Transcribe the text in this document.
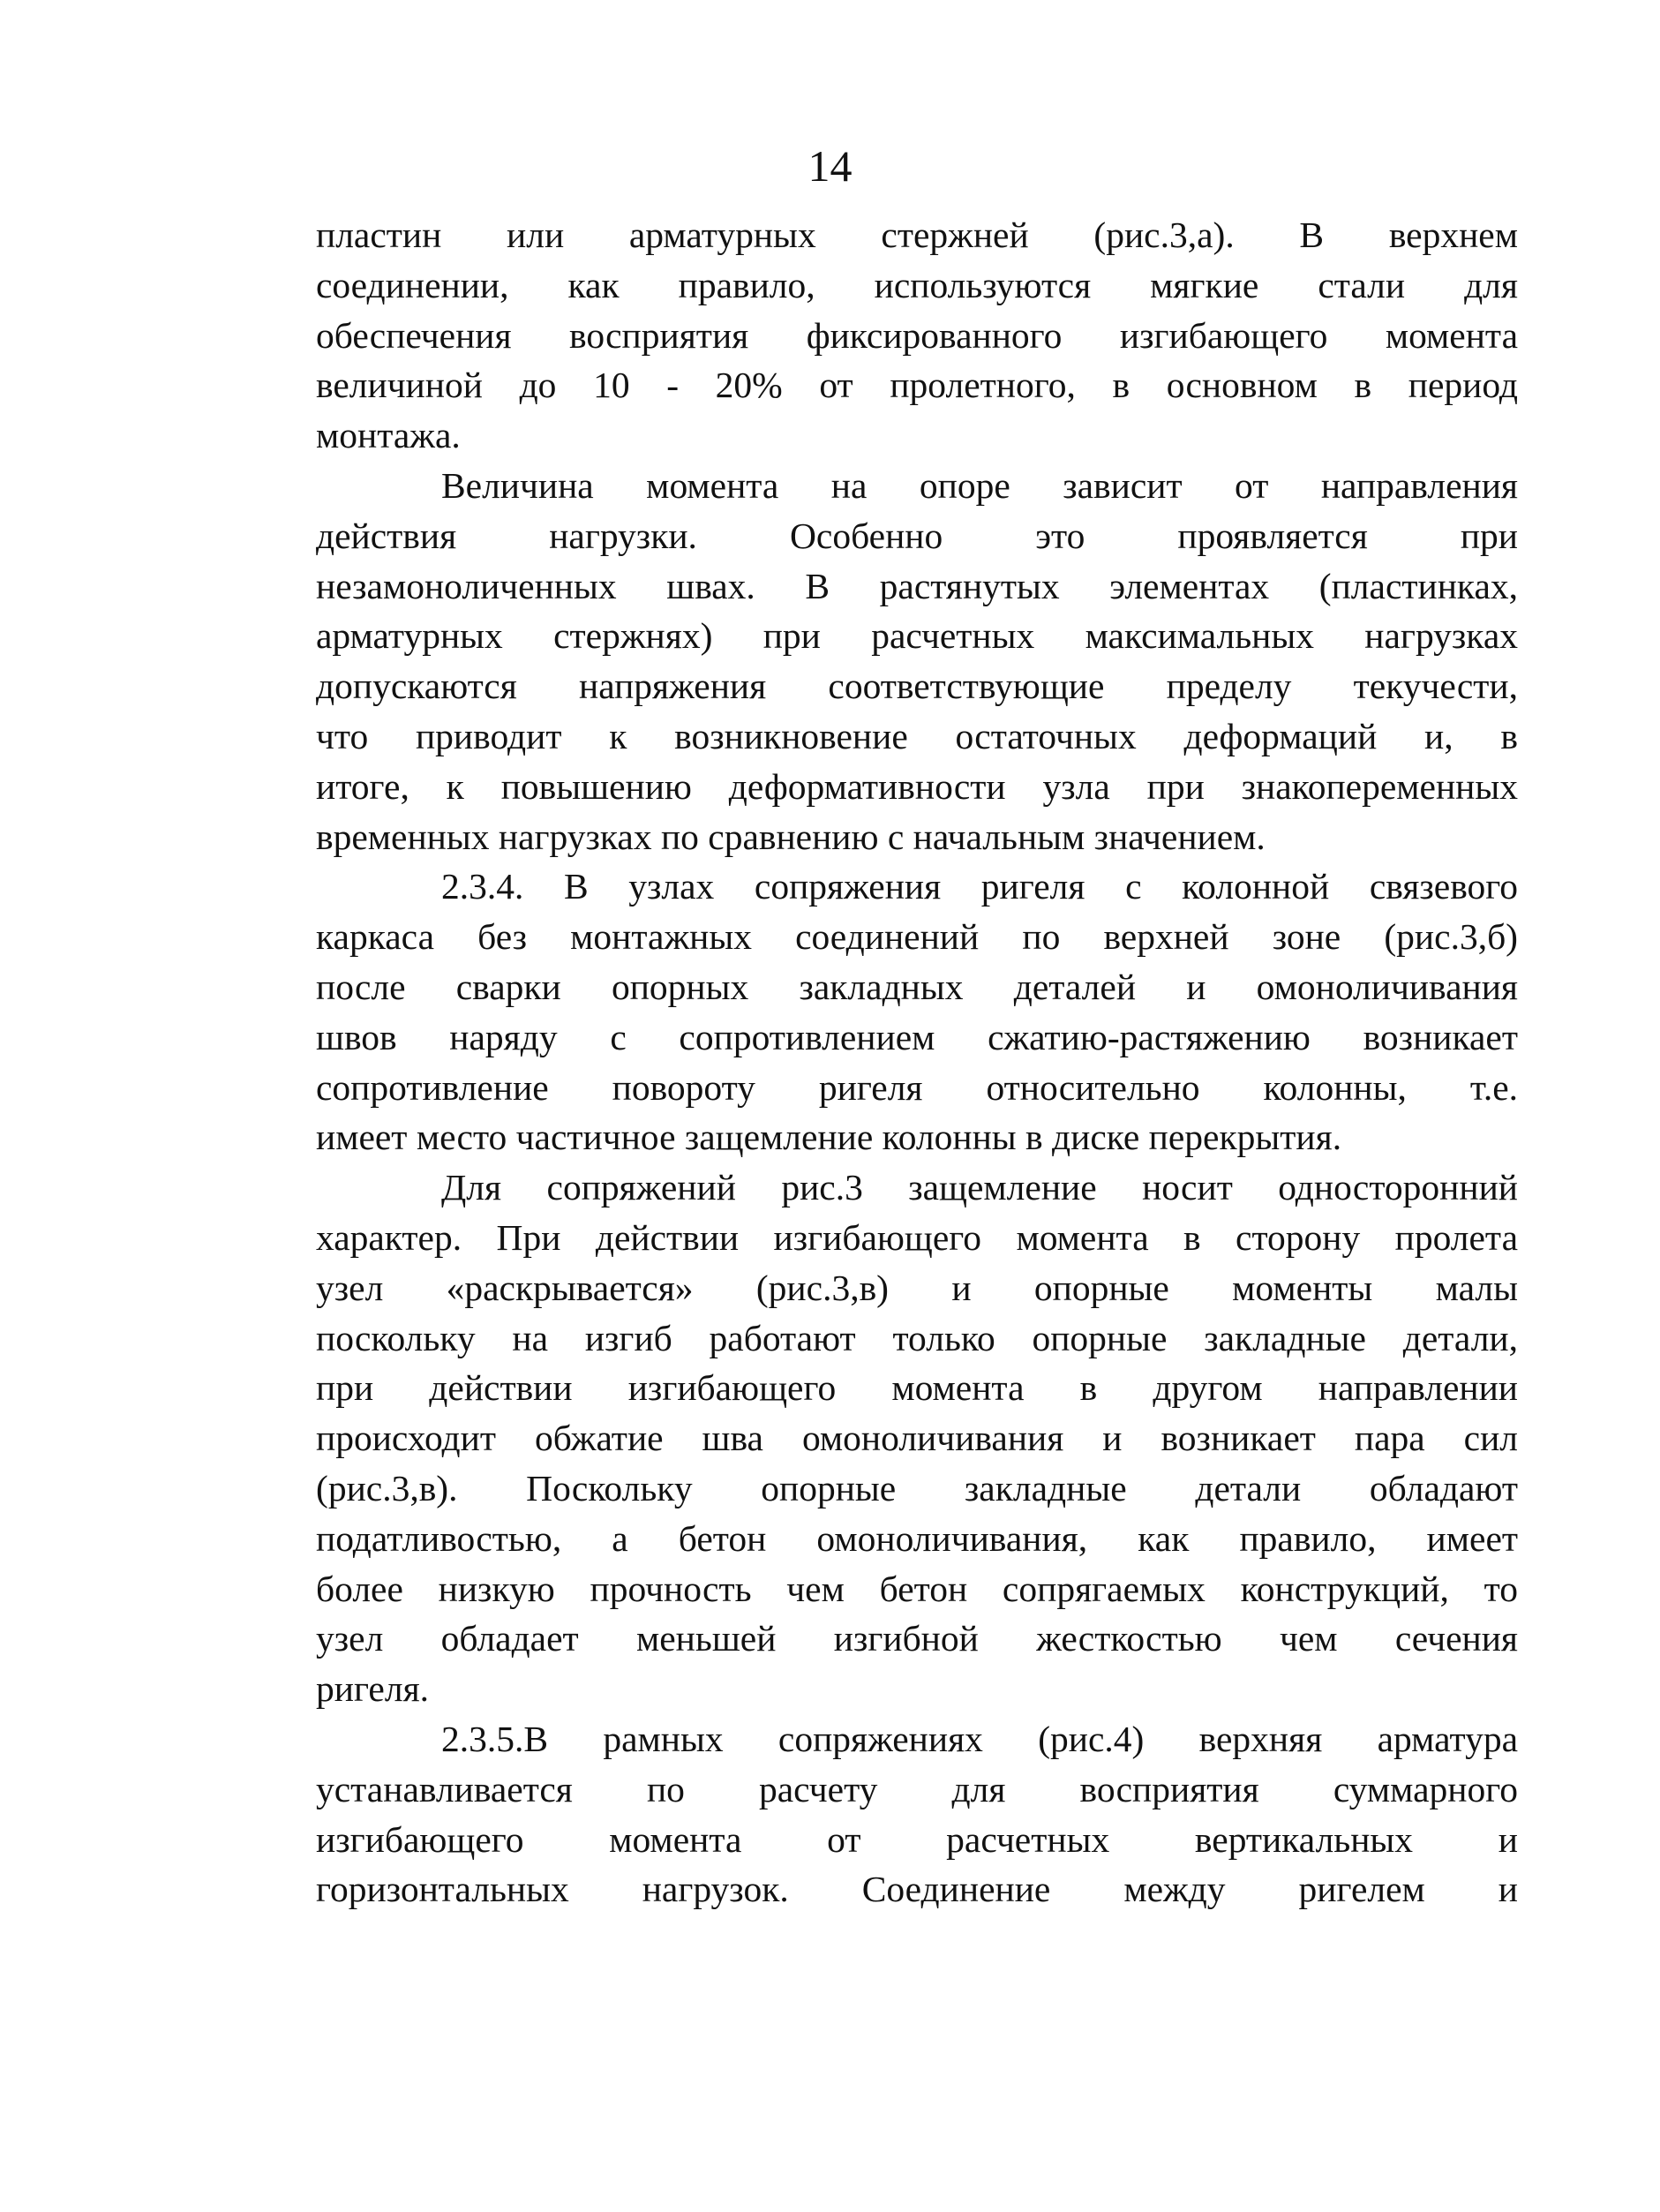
14

пластин или арматурных стержней (рис.3,а). В верхнем
соединении, как правило, используются мягкие стали для
обеспечения восприятия фиксированного изгибающего момента
величиной до 10 - 20% от пролетного, в основном в период
монтажа.

Величина момента на опоре зависит от направления
действия нагрузки. Особенно это проявляется при
незамоноличенных швах. В растянутых элементах (пластинках,
арматурных стержнях) при расчетных максимальных нагрузках
допускаются напряжения соответствующие пределу текучести,
что приводит к возникновение остаточных деформаций и, в
итоге, к повышению деформативности узла при знакопеременных
временных нагрузках по сравнению с начальным значением.

2.3.4. В узлах сопряжения ригеля с колонной связевого
каркаса без монтажных соединений по верхней зоне (рис.3,б)
после сварки опорных закладных деталей и омоноличивания
швов наряду с сопротивлением сжатию-растяжению возникает
сопротивление повороту ригеля относительно колонны, т.е.
имеет место частичное защемление колонны в диске перекрытия.

Для сопряжений рис.3 защемление носит односторонний
характер. При действии изгибающего момента в сторону пролета
узел «раскрывается» (рис.3,в) и опорные моменты малы
поскольку на изгиб работают только опорные закладные детали,
при действии изгибающего момента в другом направлении
происходит обжатие шва омоноличивания и возникает пара сил
(рис.3,в). Поскольку опорные закладные детали обладают
податливостью, а бетон омоноличивания, как правило, имеет
более низкую прочность чем бетон сопрягаемых конструкций, то
узел обладает меньшей изгибной жесткостью чем сечения
ригеля.

2.3.5.В рамных сопряжениях (рис.4) верхняя арматура
устанавливается по расчету для восприятия суммарного
изгибающего момента от расчетных вертикальных и
горизонтальных нагрузок. Соединение между ригелем и
